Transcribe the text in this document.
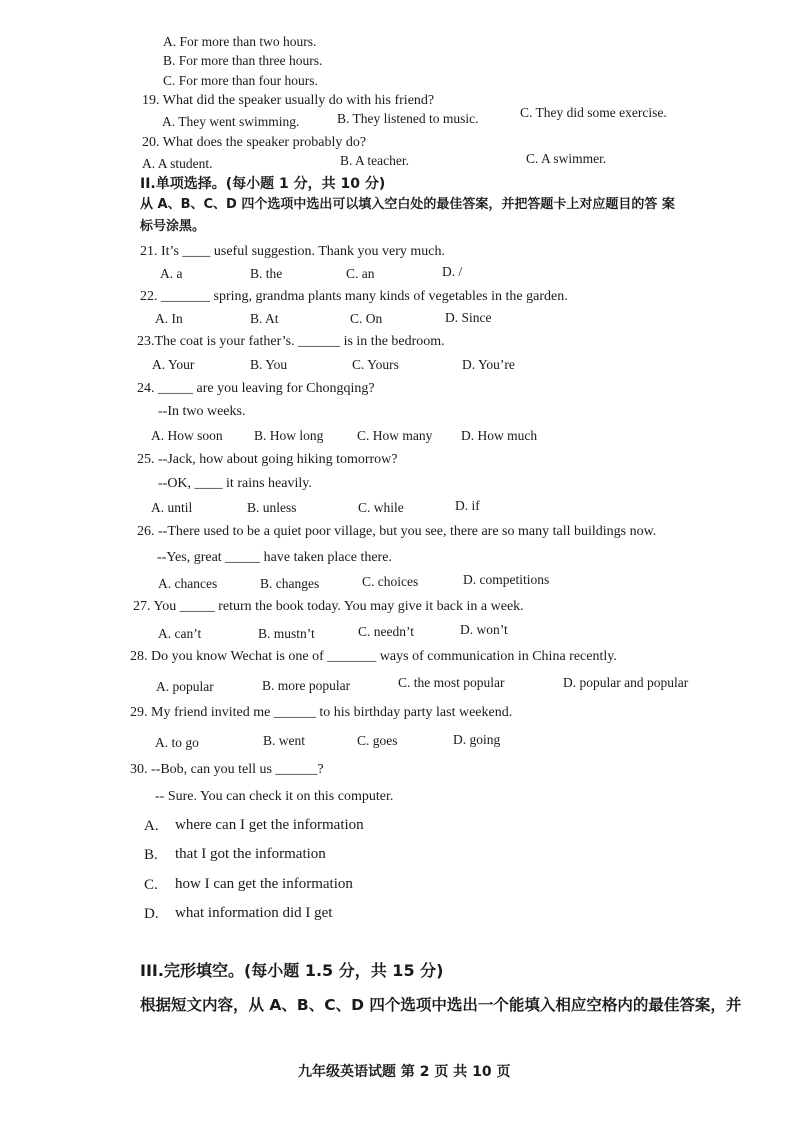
A. For more than two hours.
B. For more than three hours.
C. For more than four hours.
19. What did the speaker usually do with his friend?
A. They went swimming.	B. They listened to music.	C. They did some exercise.
20. What does the speaker probably do?
A. A student.	B. A teacher.	C. A swimmer.
II.单项选择。(每小题 1 分，共 10 分)
从 A、B、C、D 四个选项中选出可以填入空白处的最佳答案，并把答题卡上对应题目的答 案
标号涂黑。
21. It’s ____ useful suggestion. Thank you very much.
A. a	B. the	C. an	D. /
22. _______ spring, grandma plants many kinds of vegetables in the garden.
A. In	B. At	C. On	D. Since
23.The coat is your father’s. ______ is in the bedroom.
A. Your	B. You	C. Yours	D. You’re
24. _____ are you leaving for Chongqing?
--In two weeks.
A. How soon B. How long C. How many D. How much
25. --Jack, how about going hiking tomorrow?
--OK, ____ it rains heavily.
A. until	B. unless	C. while	D. if
26. --There used to be a quiet poor village, but you see, there are so many tall buildings now.
--Yes, great _____ have taken place there.
A. chances	B. changes	C. choices	D. competitions
27. You _____ return the book today. You may give it back in a week.
A. can’t	B. mustn’t	C. needn’t	D. won’t
28. Do you know Wechat is one of _______ ways of communication in China recently.
A. popular	B. more popular	C. the most popular	D. popular and popular
29. My friend invited me ______ to his birthday party last weekend.
A. to go	B. went	C. goes	D. going
30. --Bob, can you tell us ______?
-- Sure. You can check it on this computer.
A. where can I get the information
B. that I got the information
C. how I can get the information
D. what information did I get
III.完形填空。(每小题 1.5 分，共 15 分)
根据短文内容，从 A、B、C、D 四个选项中选出一个能填入相应空格内的最佳答案，并
九年级英语试题 第 2 页 共 10 页
